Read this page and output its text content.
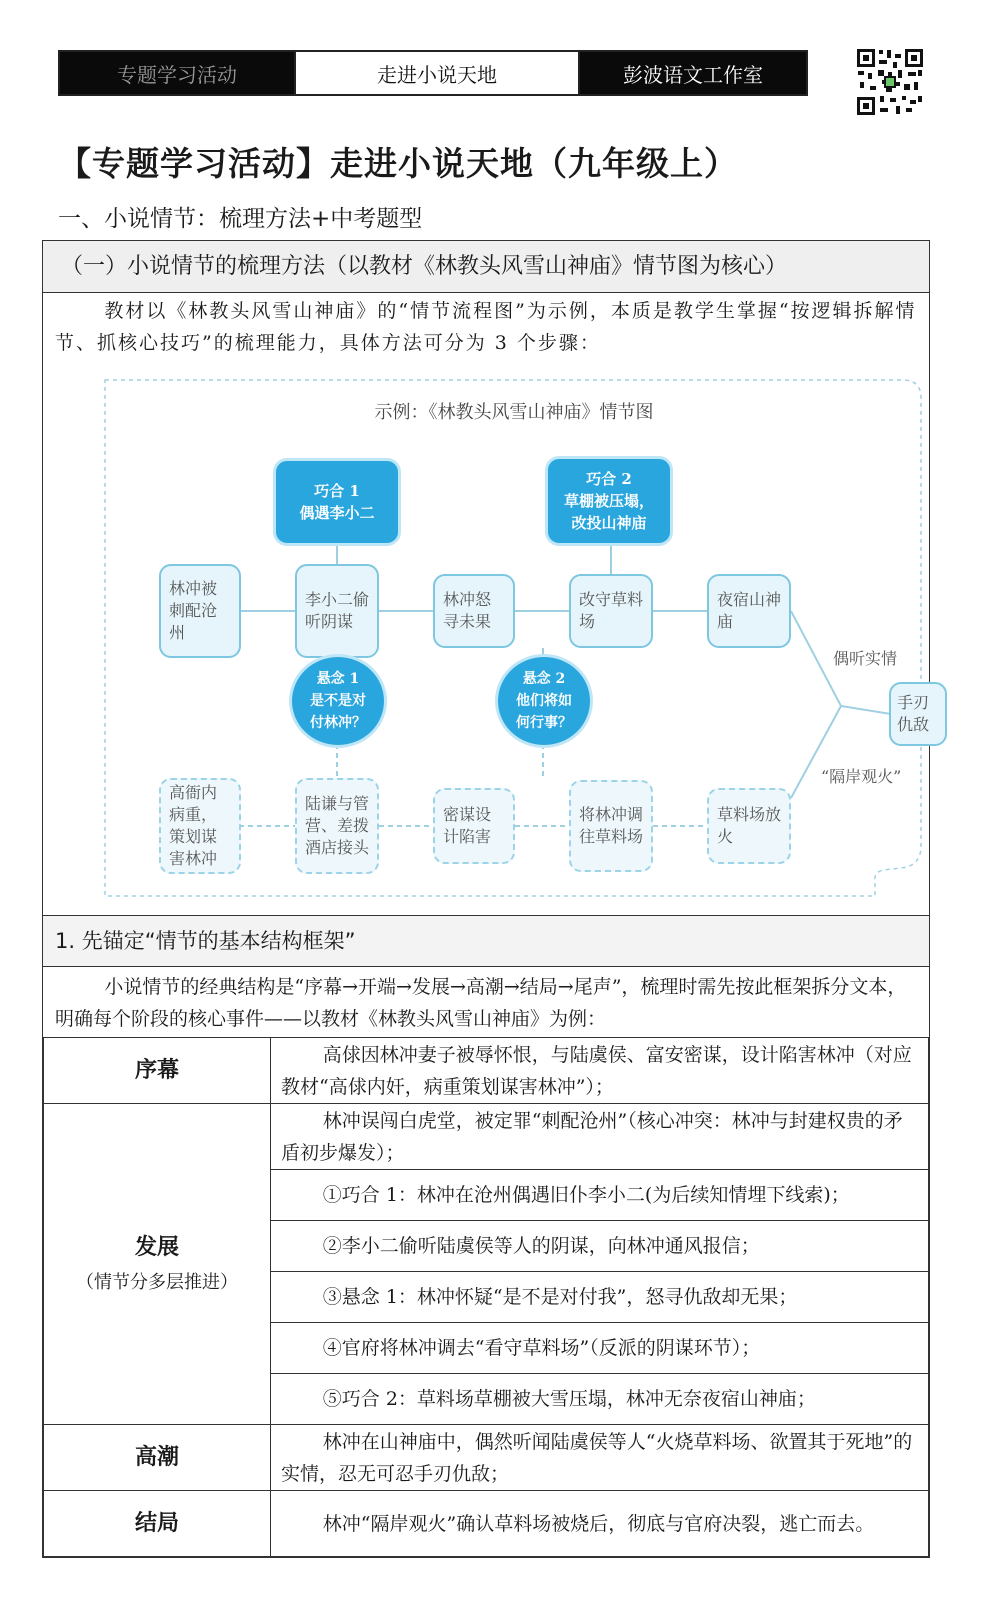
专题学习活动	走进小说天地	彭波语文工作室
【专题学习活动】走进小说天地（九年级上）
一、小说情节：梳理方法+中考题型
（一）小说情节的梳理方法（以教材《林教头风雪山神庙》情节图为核心）
教材以《林教头风雪山神庙》的“情节流程图”为示例，本质是教学生掌握“按逻辑拆解情节、抓核心技巧”的梳理能力，具体方法可分为 3 个步骤：
示例：《林教头风雪山神庙》情节图
巧合 1
偶遇李小二
巧合 2
草棚被压塌，
改投山神庙
林冲被刺配沧州
李小二偷听阴谋
林冲怒寻未果
改守草料场
夜宿山神庙
手刃仇敌
悬念 1
是不是对
付林冲？
悬念 2
他们将如
何行事？
高衙内病重，策划谋害林冲
陆谦与管营、差拨酒店接头
密谋设计陷害
将林冲调往草料场
草料场放火
偶听实情
“隔岸观火”
1. 先锚定“情节的基本结构框架”
小说情节的经典结构是“序幕→开端→发展→高潮→结局→尾声”，梳理时需先按此框架拆分文本，明确每个阶段的核心事件——以教材《林教头风雪山神庙》为例：
序幕	高俅因林冲妻子被辱怀恨，与陆虞侯、富安密谋，设计陷害林冲（对应教材“高俅内奸，病重策划谋害林冲”）；
发展
（情节分多层推进）	林冲误闯白虎堂，被定罪“刺配沧州”（核心冲突：林冲与封建权贵的矛盾初步爆发）；
	①巧合 1：林冲在沧州偶遇旧仆李小二(为后续知情埋下线索)；
	②李小二偷听陆虞侯等人的阴谋，向林冲通风报信；
	③悬念 1：林冲怀疑“是不是对付我”，怒寻仇敌却无果；
	④官府将林冲调去“看守草料场”（反派的阴谋环节）；
	⑤巧合 2：草料场草棚被大雪压塌，林冲无奈夜宿山神庙；
高潮	林冲在山神庙中，偶然听闻陆虞侯等人“火烧草料场、欲置其于死地”的实情，忍无可忍手刃仇敌；
结局	林冲“隔岸观火”确认草料场被烧后，彻底与官府决裂，逃亡而去。
